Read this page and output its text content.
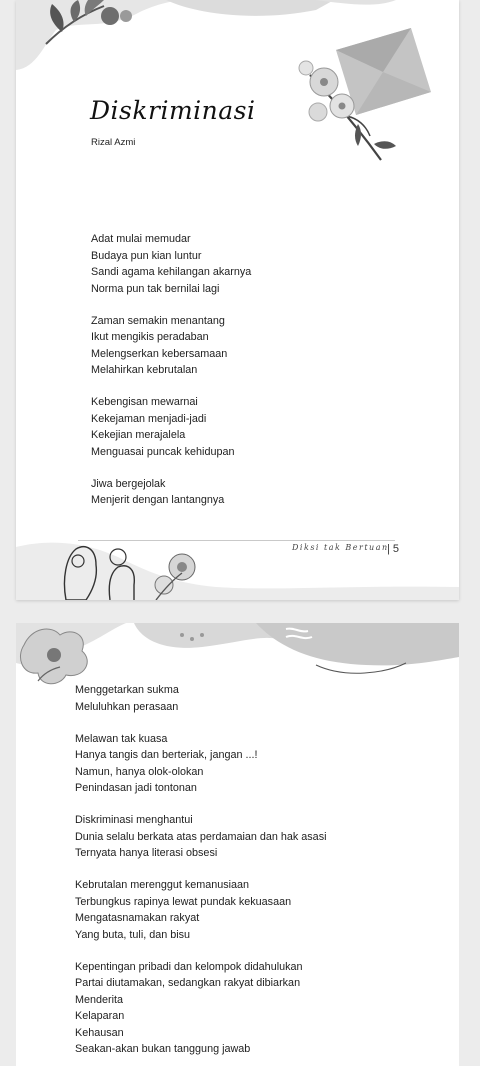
Diskriminasi
Rizal Azmi
Adat mulai memudar
Budaya pun kian luntur
Sandi agama kehilangan akarnya
Norma pun tak bernilai lagi
Zaman semakin menantang
Ikut mengikis peradaban
Melengserkan kebersamaan
Melahirkan kebrutalan
Kebengisan mewarnai
Kekejaman menjadi-jadi
Kekejian merajalela
Menguasai puncak kehidupan
Jiwa bergejolak
Menjerit dengan lantangnya
Diksi tak Bertuan
| 5
Menggetarkan sukma
Meluluhkan perasaan
Melawan tak kuasa
Hanya tangis dan berteriak, jangan ...!
Namun, hanya olok-olokan
Penindasan jadi tontonan
Diskriminasi menghantui
Dunia selalu berkata atas perdamaian dan hak asasi
Ternyata hanya literasi obsesi
Kebrutalan merenggut kemanusiaan
Terbungkus rapinya lewat pundak kekuasaan
Mengatasnamakan rakyat
Yang buta, tuli, dan bisu
Kepentingan pribadi dan kelompok didahulukan
Partai diutamakan, sedangkan rakyat dibiarkan
Menderita
Kelaparan
Kehausan
Seakan-akan bukan tanggung jawab
